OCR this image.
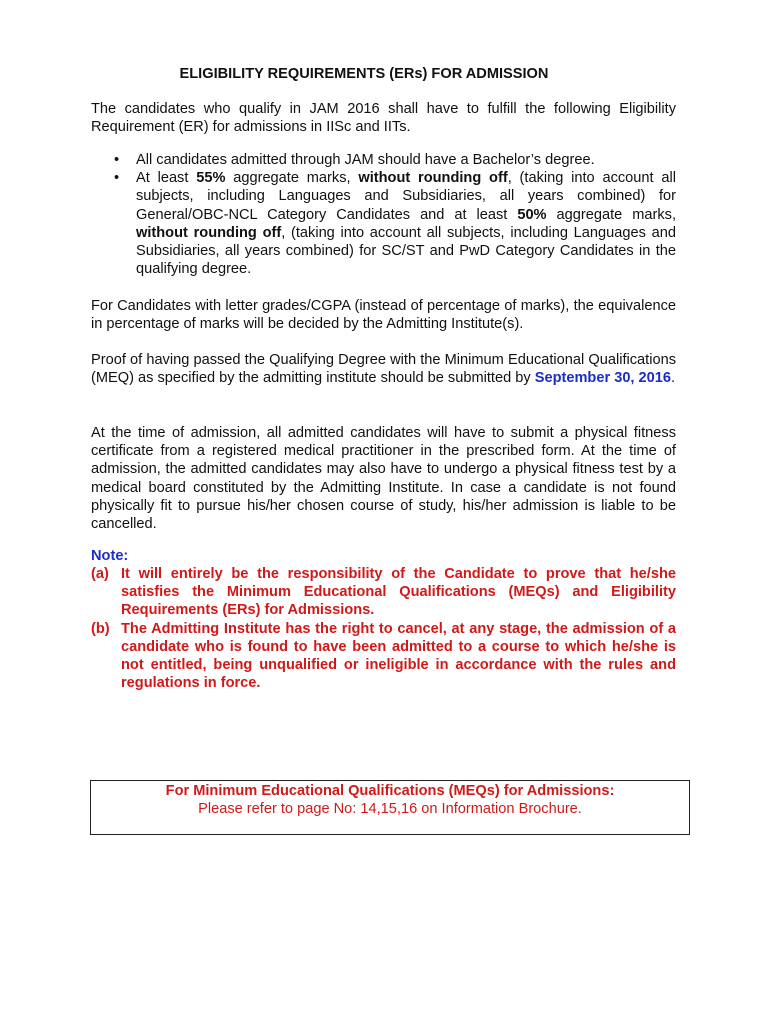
ELIGIBILITY REQUIREMENTS (ERs) FOR ADMISSION

The candidates who qualify in JAM 2016 shall have to fulfill the following Eligibility Requirement (ER) for admissions in IISc and IITs.

• All candidates admitted through JAM should have a Bachelor’s degree.
• At least 55% aggregate marks, without rounding off, (taking into account all subjects, including Languages and Subsidiaries, all years combined) for General/OBC-NCL Category Candidates and at least 50% aggregate marks, without rounding off, (taking into account all subjects, including Languages and Subsidiaries, all years combined) for SC/ST and PwD Category Candidates in the qualifying degree.

For Candidates with letter grades/CGPA (instead of percentage of marks), the equivalence in percentage of marks will be decided by the Admitting Institute(s).

Proof of having passed the Qualifying Degree with the Minimum Educational Qualifications (MEQ) as specified by the admitting institute should be submitted by September 30, 2016.

At the time of admission, all admitted candidates will have to submit a physical fitness certificate from a registered medical practitioner in the prescribed form. At the time of admission, the admitted candidates may also have to undergo a physical fitness test by a medical board constituted by the Admitting Institute. In case a candidate is not found physically fit to pursue his/her chosen course of study, his/her admission is liable to be cancelled.

Note:
(a) It will entirely be the responsibility of the Candidate to prove that he/she satisfies the Minimum Educational Qualifications (MEQs) and Eligibility Requirements (ERs) for Admissions.
(b) The Admitting Institute has the right to cancel, at any stage, the admission of a candidate who is found to have been admitted to a course to which he/she is not entitled, being unqualified or ineligible in accordance with the rules and regulations in force.
For Minimum Educational Qualifications (MEQs) for Admissions:
Please refer to page No: 14,15,16 on Information Brochure.
